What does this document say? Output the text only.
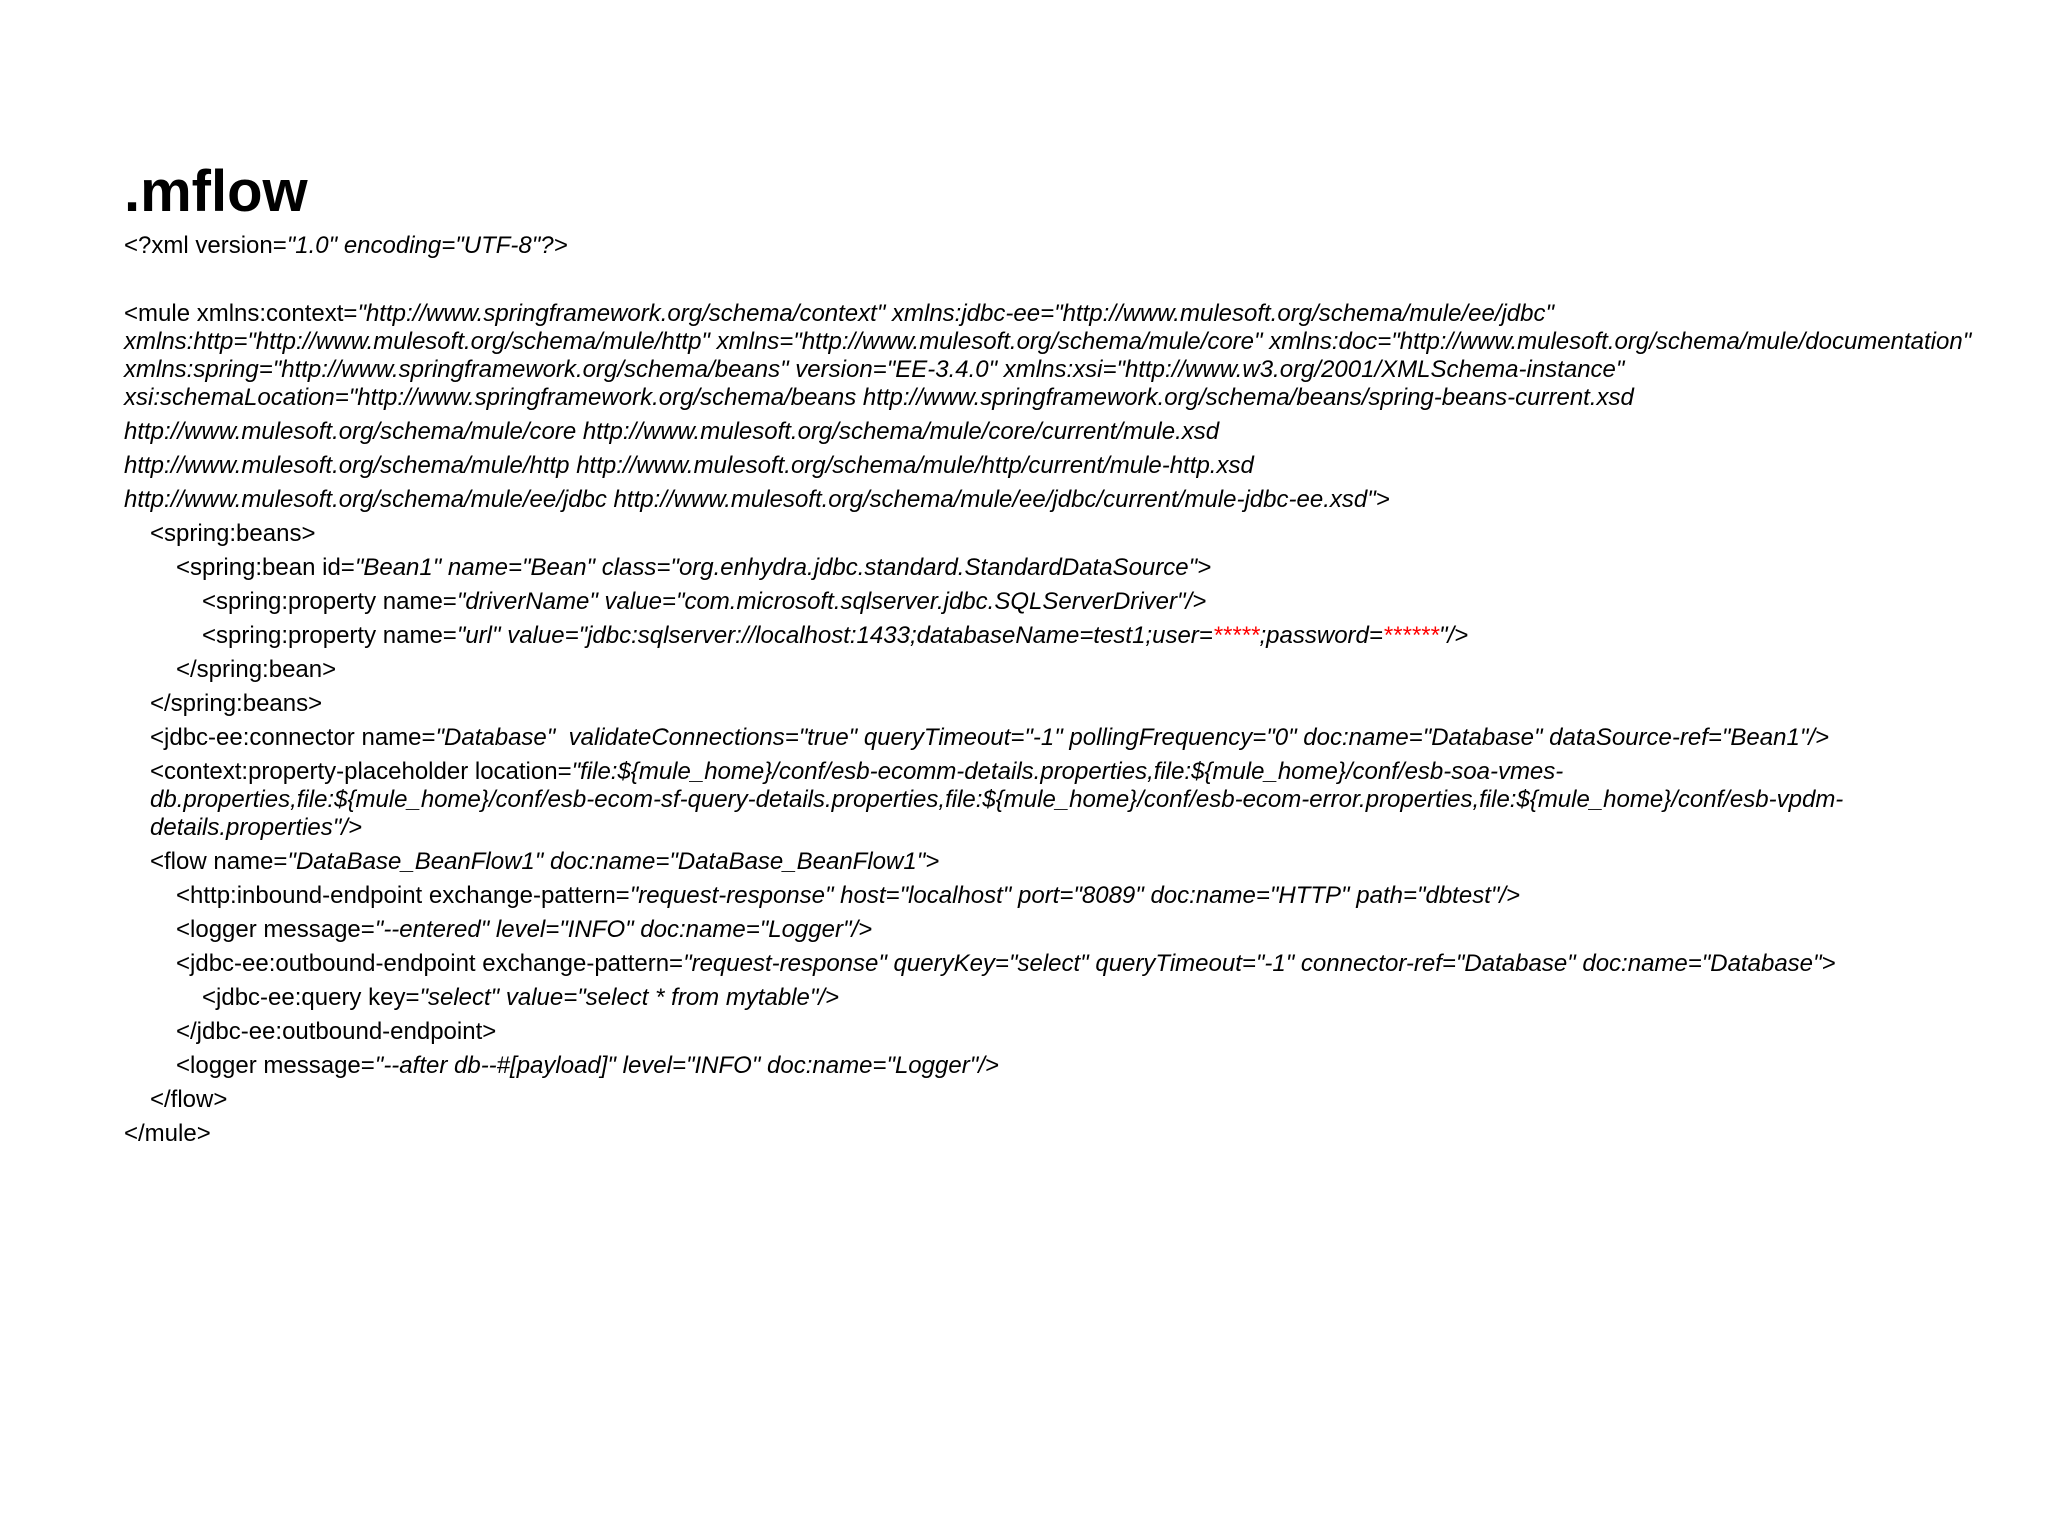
.mflow
<?xml version="1.0" encoding="UTF-8"?>
<mule xmlns:context="http://www.springframework.org/schema/context" xmlns:jdbc-ee="http://www.mulesoft.org/schema/mule/ee/jdbc" xmlns:http="http://www.mulesoft.org/schema/mule/http" xmlns="http://www.mulesoft.org/schema/mule/core" xmlns:doc="http://www.mulesoft.org/schema/mule/documentation" xmlns:spring="http://www.springframework.org/schema/beans" version="EE-3.4.0" xmlns:xsi="http://www.w3.org/2001/XMLSchema-instance" xsi:schemaLocation="http://www.springframework.org/schema/beans http://www.springframework.org/schema/beans/spring-beans-current.xsd
http://www.mulesoft.org/schema/mule/core http://www.mulesoft.org/schema/mule/core/current/mule.xsd
http://www.mulesoft.org/schema/mule/http http://www.mulesoft.org/schema/mule/http/current/mule-http.xsd
http://www.mulesoft.org/schema/mule/ee/jdbc http://www.mulesoft.org/schema/mule/ee/jdbc/current/mule-jdbc-ee.xsd">
<spring:beans>
<spring:bean id="Bean1" name="Bean" class="org.enhydra.jdbc.standard.StandardDataSource">
<spring:property name="driverName" value="com.microsoft.sqlserver.jdbc.SQLServerDriver"/>
<spring:property name="url" value="jdbc:sqlserver://localhost:1433;databaseName=test1;user=*****;password=******"/>
</spring:bean>
</spring:beans>
<jdbc-ee:connector name="Database"  validateConnections="true" queryTimeout="-1" pollingFrequency="0" doc:name="Database" dataSource-ref="Bean1"/>
<context:property-placeholder location="file:${mule_home}/conf/esb-ecomm-details.properties,file:${mule_home}/conf/esb-soa-vmes-db.properties,file:${mule_home}/conf/esb-ecom-sf-query-details.properties,file:${mule_home}/conf/esb-ecom-error.properties,file:${mule_home}/conf/esb-vpdm-details.properties"/>
<flow name="DataBase_BeanFlow1" doc:name="DataBase_BeanFlow1">
<http:inbound-endpoint exchange-pattern="request-response" host="localhost" port="8089" doc:name="HTTP" path="dbtest"/>
<logger message="--entered" level="INFO" doc:name="Logger"/>
<jdbc-ee:outbound-endpoint exchange-pattern="request-response" queryKey="select" queryTimeout="-1" connector-ref="Database" doc:name="Database">
<jdbc-ee:query key="select" value="select * from mytable"/>
</jdbc-ee:outbound-endpoint>
<logger message="--after db--#[payload]" level="INFO" doc:name="Logger"/>
</flow>
</mule>
